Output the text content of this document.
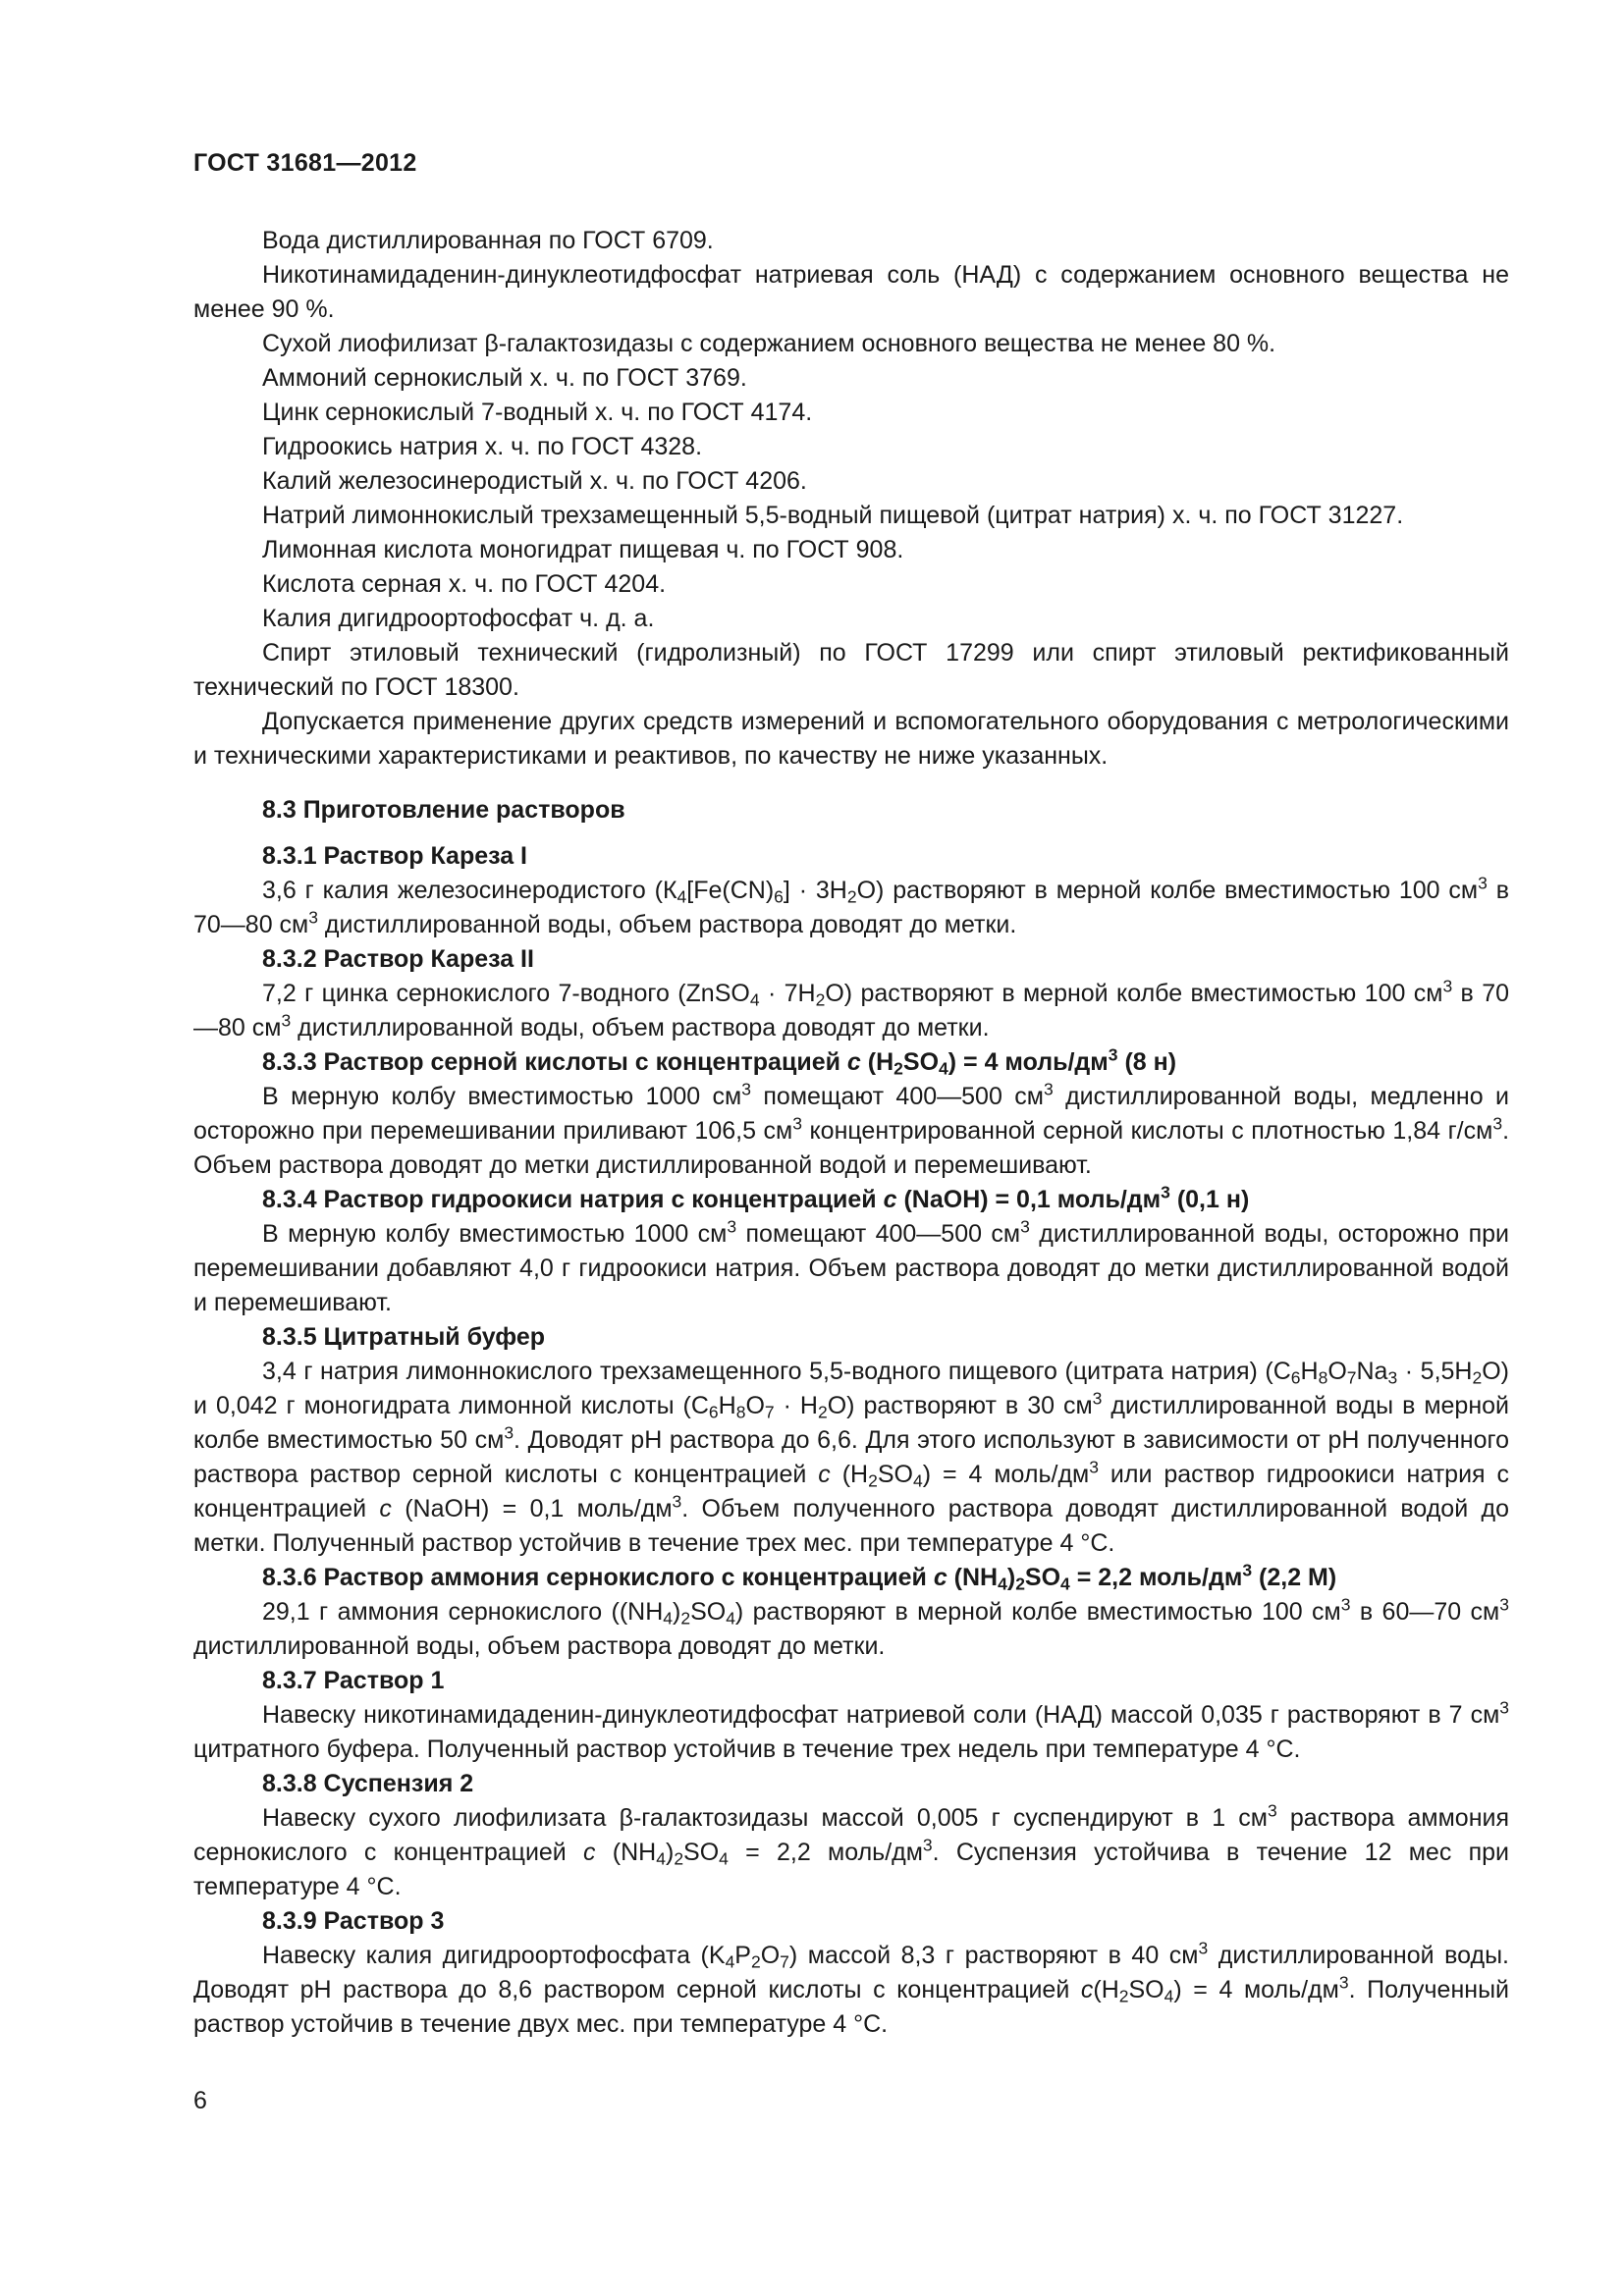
ГОСТ 31681—2012

Вода дистиллированная по ГОСТ 6709.

Никотинамидаденин-динуклеотидфосфат натриевая соль (НАД) с содержанием основного вещества не менее 90 %.

Сухой лиофилизат β-галактозидазы с содержанием основного вещества не менее 80 %.

Аммоний сернокислый х. ч. по ГОСТ 3769.

Цинк сернокислый 7-водный х. ч. по ГОСТ 4174.

Гидроокись натрия х. ч. по ГОСТ 4328.

Калий железосинеродистый х. ч. по ГОСТ 4206.

Натрий лимоннокислый трехзамещенный 5,5-водный пищевой (цитрат натрия) х. ч. по ГОСТ 31227.

Лимонная кислота моногидрат пищевая ч. по ГОСТ 908.

Кислота серная х. ч. по ГОСТ 4204.

Калия дигидроортофосфат ч. д. а.

Спирт этиловый технический (гидролизный) по ГОСТ 17299 или спирт этиловый ректификованный технический по ГОСТ 18300.

Допускается применение других средств измерений и вспомогательного оборудования с метрологическими и техническими характеристиками и реактивов, по качеству не ниже указанных.

8.3 Приготовление растворов
8.3.1 Раствор Кареза I

3,6 г калия железосинеродистого $(К_4[Fe(CN)_6] \cdot 3H_2O)$ растворяют в мерной колбе вместимостью 100 $см^3$ в 70—80 $см^3$ дистиллированной воды, объем раствора доводят до метки.

8.3.2 Раствор Кареза II

7,2 г цинка сернокислого 7-водного (ZnSO$_4$ · $7H_2O$) растворяют в мерной колбе вместимостью 100 $см^3$ в 70—80 $см^3$ дистиллированной воды, объем раствора доводят до метки.

8.3.3 Раствор серной кислоты с концентрацией с $(H_2SO_4) = 4$ моль/$дм^3$ (8 н)

В мерную колбу вместимостью 1000 $см^3$ помещают 400—500 $см^3$ дистиллированной воды, медленно и осторожно при перемешивании приливают 106,5 $см^3$ концентрированной серной кислоты с плотностью 1,84 $г/см^3$. Объем раствора доводят до метки дистиллированной водой и перемешивают.

8.3.4 Раствор гидроокиси натрия с концентрацией с (NaOH) = 0,1 моль/$дм^3$ (0,1 н)

В мерную колбу вместимостью 1000 $см^3$ помещают 400—500 $см^3$ дистиллированной воды, осторожно при перемешивании добавляют 4,0 г гидроокиси натрия. Объем раствора доводят до метки дистиллированной водой и перемешивают.

8.3.5 Цитратный буфер

3,4 г натрия лимоннокислого трехзамещенного 5,5-водного пищевого (цитрата натрия) $(C_6H_8O_7Na_3 \cdot 5,5H_2O)$ и 0,042 г моногидрата лимонной кислоты $(C_6H_8O_7 \cdot H_2O)$ растворяют в 30 $см^3$ дистиллированной воды в мерной колбе вместимостью 50 $см^3$. Доводят pH раствора до 6,6. Для этого используют в зависимости от pH полученного раствора раствор серной кислоты с концентрацией с $(H_2SO_4) = 4$ моль/$дм^3$ или раствор гидроокиси натрия с концентрацией с (NaOH) = 0,1 моль/$дм^3$. Объем полученного раствора доводят дистиллированной водой до метки. Полученный раствор устойчив в течение трех мес. при температуре 4 °C.

8.3.6 Раствор аммония сернокислого с концентрацией с $(NH_4)_2SO_4 = 2,2$ моль/$дм^3$ (2,2 M)

29,1 г аммония сернокислого $((NH_4)_2SO_4)$ растворяют в мерной колбе вместимостью 100 $см^3$ в 60—70 $см^3$ дистиллированной воды, объем раствора доводят до метки.

8.3.7 Раствор 1

Навеску никотинамидаденин-динуклеотидфосфат натриевой соли (НАД) массой 0,035 г растворяют в 7 $см^3$ цитратного буфера. Полученный раствор устойчив в течение трех недель при температуре 4 °C.

8.3.8 Суспензия 2

Навеску сухого лиофилизата β-галактозидазы массой 0,005 г суспендируют в 1 $см^3$ раствора аммония сернокислого с концентрацией с $(NH_4)_2SO_4 = 2,2$ моль/$дм^3$. Суспензия устойчива в течение 12 мес при температуре 4 °C.

8.3.9 Раствор 3

Навеску калия дигидроортофосфата $(K_4P_2O_7)$ массой 8,3 г растворяют в 40 $см^3$ дистиллированной воды. Доводят pH раствора до 8,6 раствором серной кислоты с концентрацией $с(H_2SO_4) = 4$ моль/$дм^3$. Полученный раствор устойчив в течение двух мес. при температуре 4 °C.

6
